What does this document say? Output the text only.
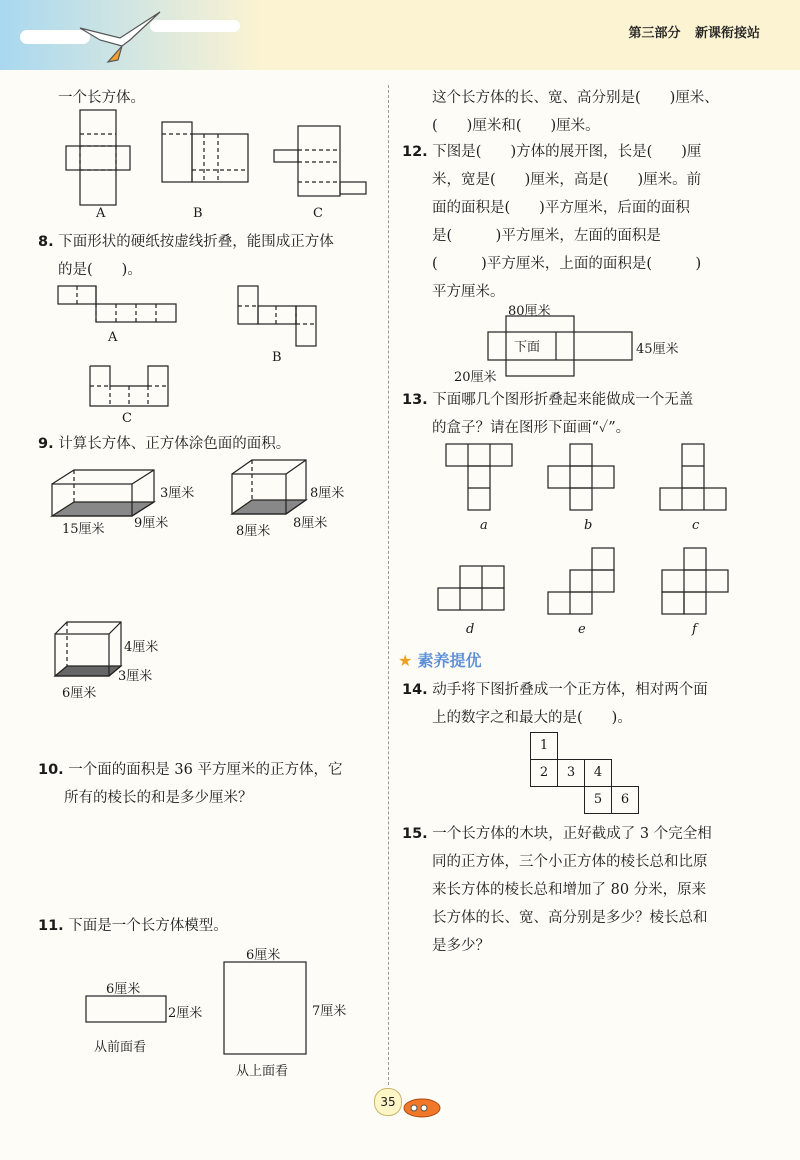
第三部分 新课衔接站
一个长方体。
A	B	C
8. 下面形状的硬纸按虚线折叠，能围成正方体
的是(　　)。
A
B
C
9. 计算长方体、正方体涂色面的面积。
3厘米
15厘米 9厘米
8厘米
8厘米
8厘米
4厘米
3厘米
6厘米
10. 一个面的面积是 36 平方厘米的正方体，它
所有的棱长的和是多少厘米？
11. 下面是一个长方体模型。
6厘米
2厘米
从前面看
6厘米
7厘米
从上面看
这个长方体的长、宽、高分别是(　　)厘米、
(　　)厘米和(　　)厘米。
12. 下图是(　　)方体的展开图，长是(　　)厘
米，宽是(　　)厘米，高是(　　)厘米。前
面的面积是(　　)平方厘米，后面的面积
是(　　　)平方厘米，左面的面积是
(　　　)平方厘米，上面的面积是(　　　)
平方厘米。
80厘米
下面	45厘米
20厘米
13. 下面哪几个图形折叠起来能做成一个无盖
的盒子？请在图形下面画“✓”。
a	b	c
d	e	f
★ 素养提优
14. 动手将下图折叠成一个正方体，相对两个面
上的数字之和最大的是(　　)。
1
2	3	4
5	6
15. 一个长方体的木块，正好截成了 3 个完全相
同的正方体，三个小正方体的棱长总和比原
来长方体的棱长总和增加了 80 分米，原来
长方体的长、宽、高分别是多少？棱长总和
是多少？
35
